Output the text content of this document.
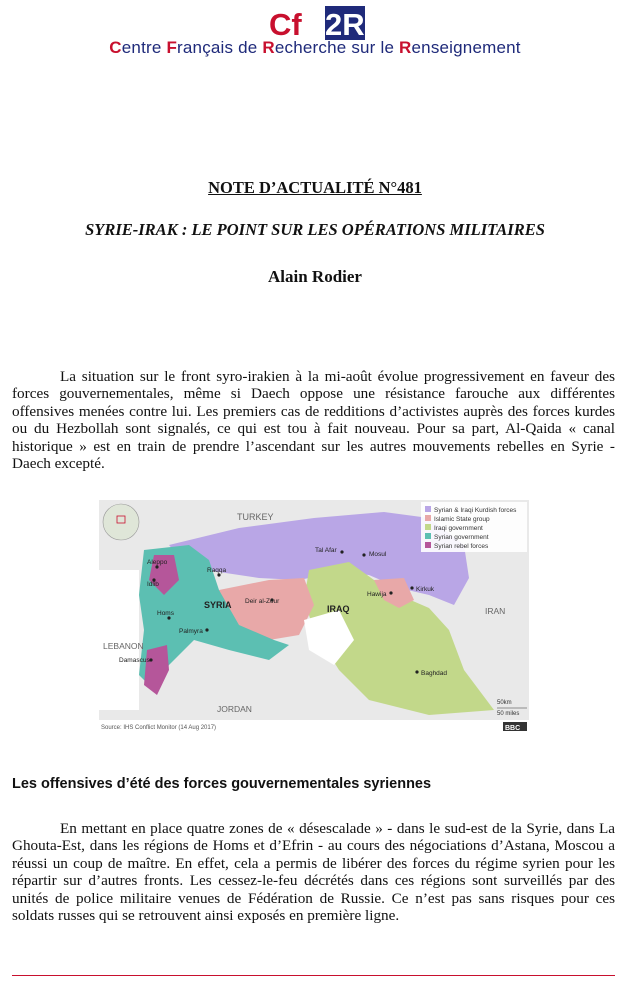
Cf 2R
Centre Français de Recherche sur le Renseignement
NOTE D’ACTUALITÉ N°481
SYRIE-IRAK : LE POINT SUR LES OPÉRATIONS MILITAIRES
Alain Rodier

La situation sur le front syro-irakien à la mi-août évolue progressivement en faveur des forces gouvernementales, même si Daech oppose une résistance farouche aux différentes offensives menées contre lui. Les premiers cas de redditions d’activistes auprès des forces kurdes ou du Hezbollah sont signalés, ce qui est tou à fait nouveau. Pour sa part, Al-Qaida « canal historique » est en train de prendre l’ascendant sur les autres mouvements rebelles en Syrie - Daech excepté.

Syrian & Iraqi Kurdish forces
Islamic State group
Iraqi government
Syrian government
Syrian rebel forces
TURKEY
LEBANON
JORDAN
IRAN
SYRIA	IRAQ
Aleppo
Idlib
Raqqa
Deir al-Zour
Palmyra
Homs
Damascus
Tal Afar
Mosul
Hawija
Kirkuk
Baghdad
50km
50 miles
Source: IHS Conflict Monitor (14 Aug 2017)	BBC
Les offensives d’été des forces gouvernementales syriennes

En mettant en place quatre zones de « désescalade » - dans le sud-est de la Syrie, dans La Ghouta-Est, dans les régions de Homs et d’Efrin - au cours des négociations d’Astana, Moscou a réussi un coup de maître. En effet, cela a permis de libérer des forces du régime syrien pour les répartir sur d’autres fronts. Les cessez-le-feu décrétés dans ces régions sont surveillés par des unités de police militaire venues de Fédération de Russie. Ce n’est pas sans risques pour ces soldats russes qui se retrouvent ainsi exposés en première ligne.
